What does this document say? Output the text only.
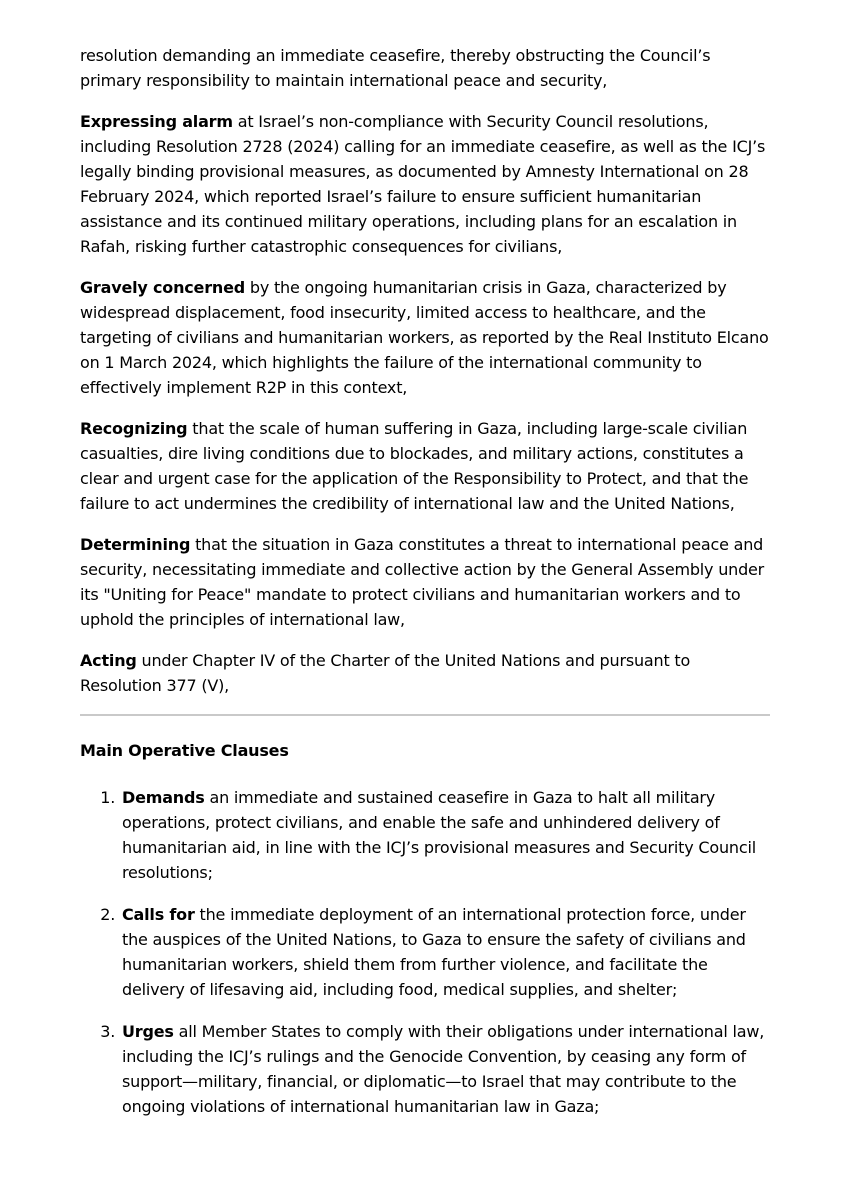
resolution demanding an immediate ceasefire, thereby obstructing the Council’s primary responsibility to maintain international peace and security,

Expressing alarm at Israel’s non-compliance with Security Council resolutions, including Resolution 2728 (2024) calling for an immediate ceasefire, as well as the ICJ’s legally binding provisional measures, as documented by Amnesty International on 28 February 2024, which reported Israel’s failure to ensure sufficient humanitarian assistance and its continued military operations, including plans for an escalation in Rafah, risking further catastrophic consequences for civilians,

Gravely concerned by the ongoing humanitarian crisis in Gaza, characterized by widespread displacement, food insecurity, limited access to healthcare, and the targeting of civilians and humanitarian workers, as reported by the Real Instituto Elcano on 1 March 2024, which highlights the failure of the international community to effectively implement R2P in this context,

Recognizing that the scale of human suffering in Gaza, including large-scale civilian casualties, dire living conditions due to blockades, and military actions, constitutes a clear and urgent case for the application of the Responsibility to Protect, and that the failure to act undermines the credibility of international law and the United Nations,

Determining that the situation in Gaza constitutes a threat to international peace and security, necessitating immediate and collective action by the General Assembly under its "Uniting for Peace" mandate to protect civilians and humanitarian workers and to uphold the principles of international law,

Acting under Chapter IV of the Charter of the United Nations and pursuant to Resolution 377 (V),

Main Operative Clauses
1. Demands an immediate and sustained ceasefire in Gaza to halt all military operations, protect civilians, and enable the safe and unhindered delivery of humanitarian aid, in line with the ICJ’s provisional measures and Security Council resolutions;
2. Calls for the immediate deployment of an international protection force, under the auspices of the United Nations, to Gaza to ensure the safety of civilians and humanitarian workers, shield them from further violence, and facilitate the delivery of lifesaving aid, including food, medical supplies, and shelter;
3. Urges all Member States to comply with their obligations under international law, including the ICJ’s rulings and the Genocide Convention, by ceasing any form of support—military, financial, or diplomatic—to Israel that may contribute to the ongoing violations of international humanitarian law in Gaza;
